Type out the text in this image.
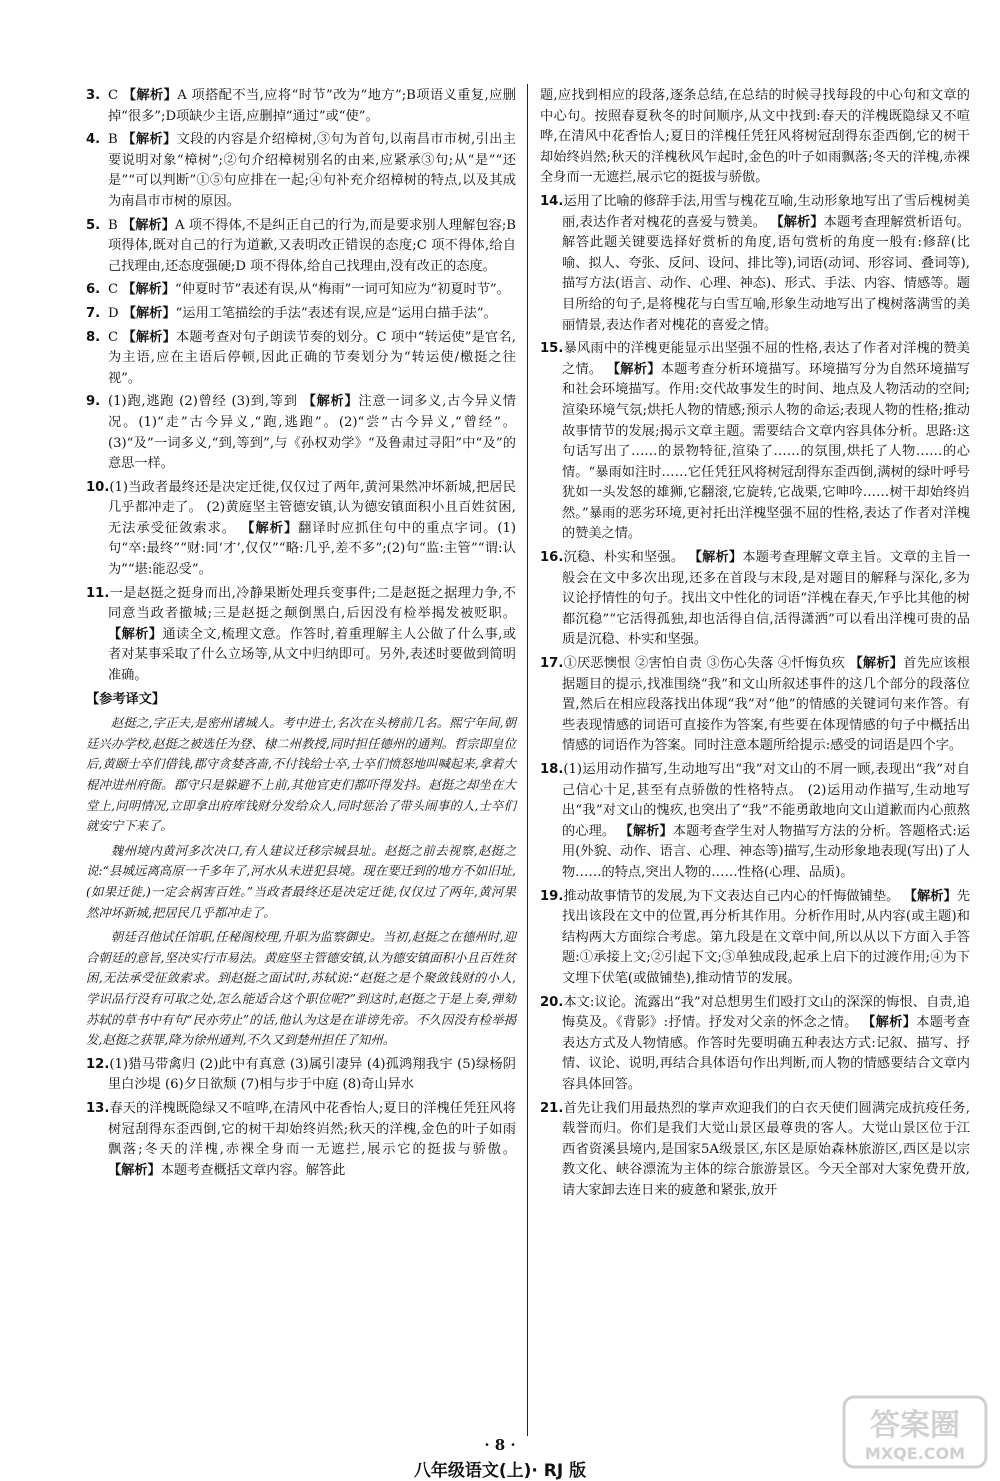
3. C 【解析】A 项搭配不当,应将“时节”改为“地方”;B项语义重复,应删掉“很多”;D项缺少主语,应删掉“通过”或“使”。
4. B 【解析】文段的内容是介绍樟树,③句为首句,以南昌市市树,引出主要说明对象“樟树”;②句介绍樟树别名的由来,应紧承③句;从“是”“还是”“可以判断”①⑤句应排在一起;④句补充介绍樟树的特点,以及其成为南昌市市树的原因。
5. B 【解析】A 项不得体,不是纠正自己的行为,而是要求别人理解包容;B 项得体,既对自己的行为道歉,又表明改正错误的态度;C 项不得体,给自己找理由,还态度强硬;D 项不得体,给自己找理由,没有改正的态度。
6. C 【解析】“仲夏时节”表述有误,从“梅雨”一词可知应为“初夏时节”。
7. D 【解析】“运用工笔描绘的手法”表述有误,应是“运用白描手法”。
8. C 【解析】本题考查对句子朗读节奏的划分。C 项中“转运使”是官名,为主语,应在主语后停顿,因此正确的节奏划分为“转运使/檄挺之往视”。
9. (1)跑,逃跑 (2)曾经 (3)到,等到 【解析】注意一词多义,古今异义情况。(1)“走”古今异义,“跑,逃跑”。(2)“尝”古今异义,“曾经”。(3)“及”一词多义,“到,等到”,与《孙权劝学》“及鲁肃过寻阳”中“及”的意思一样。
10.(1)当政者最终还是决定迁徙,仅仅过了两年,黄河果然冲坏新城,把居民几乎都冲走了。 (2)黄庭坚主管德安镇,认为德安镇面积小且百姓贫困,无法承受征敛索求。 【解析】翻译时应抓住句中的重点字词。(1)句“卒:最终”“财:同‘才’,仅仅”“略:几乎,差不多”;(2)句“监:主管”“谓:认为”“堪:能忍受”。
11.一是赵挺之挺身而出,冷静果断处理兵变事件;二是赵挺之据理力争,不同意当政者撤城;三是赵挺之颠倒黑白,后因没有检举揭发被贬职。 【解析】通读全文,梳理文意。作答时,着重理解主人公做了什么事,或者对某事采取了什么立场等,从文中归纳即可。另外,表述时要做到简明准确。
【参考译文】
赵挺之,字正夫,是密州诸城人。考中进士,名次在头榜前几名。熙宁年间,朝廷兴办学校,赵挺之被选任为登、棣二州教授,同时担任德州的通判。哲宗即皇位后,黄颐士卒们借钱,郡守贪婪吝啬,不付钱给士卒,士卒们愤怒地叫喊起来,拿着大棍冲进州府衙。郡守只是躲避不上前,其他官吏们都吓得发抖。赵挺之却坐在大堂上,问明情况,立即拿出府库钱财分发给众人,同时惩治了带头闹事的人,士卒们就安宁下来了。
魏州境内黄河多次决口,有人建议迁移宗城县址。赵挺之前去视察,赵挺之说:“县城远离高原一千多年了,河水从未进犯县境。现在要迁到的地方不如旧址,(如果迁徙,)一定会祸害百姓。”当政者最终还是决定迁徙,仅仅过了两年,黄河果然冲坏新城,把居民几乎都冲走了。
朝廷召他试任馆职,任秘阁校理,升职为监察御史。当初,赵挺之在德州时,迎合朝廷的意旨,坚决实行市易法。黄庭坚主管德安镇,认为德安镇面积小且百姓贫困,无法承受征敛索求。到赵挺之面试时,苏轼说:“赵挺之是个聚敛钱财的小人,学识品行没有可取之处,怎么能适合这个职位呢?”到这时,赵挺之于是上奏,弹劾苏轼的草书中有句“民亦劳止”的话,他认为这是在诽谤先帝。不久因没有检举揭发,赵挺之获罪,降为徐州通判,不久又到楚州担任了知州。
12.(1)猎马带禽归 (2)此中有真意 (3)属引凄异 (4)孤鸿翔我宇 (5)绿杨阴里白沙堤 (6)夕日欲颓 (7)相与步于中庭 (8)奇山异水
13.春天的洋槐既隐绿又不喧哗,在清风中花香怡人;夏日的洋槐任凭狂风将树冠刮得东歪西倒,它的树干却始终岿然;秋天的洋槐,金色的叶子如雨飘落;冬天的洋槐,赤裸全身而一无遮拦,展示它的挺拔与骄傲。 【解析】本题考查概括文章内容。解答此
题,应找到相应的段落,逐条总结,在总结的时候寻找每段的中心句和文章的中心句。按照春夏秋冬的时间顺序,从文中找到:春天的洋槐既隐绿又不喧哗,在清风中花香怡人;夏日的洋槐任凭狂风将树冠刮得东歪西倒,它的树干却始终岿然;秋天的洋槐秋风乍起时,金色的叶子如雨飘落;冬天的洋槐,赤裸全身而一无遮拦,展示它的挺拔与骄傲。
14.运用了比喻的修辞手法,用雪与槐花互喻,生动形象地写出了雪后槐树美丽,表达作者对槐花的喜爱与赞美。 【解析】本题考查理解赏析语句。解答此题关键要选择好赏析的角度,语句赏析的角度一般有:修辞(比喻、拟人、夸张、反问、设问、排比等),词语(动词、形容词、叠词等),描写方法(语言、动作、心理、神态)、形式、手法、内容、情感等。题目所给的句子,是将槐花与白雪互喻,形象生动地写出了槐树落满雪的美丽情景,表达作者对槐花的喜爱之情。
15.暴风雨中的洋槐更能显示出坚强不屈的性格,表达了作者对洋槐的赞美之情。 【解析】本题考查分析环境描写。环境描写分为自然环境描写和社会环境描写。作用:交代故事发生的时间、地点及人物活动的空间;渲染环境气氛;烘托人物的情感;预示人物的命运;表现人物的性格;推动故事情节的发展;揭示文章主题。需要结合文章内容具体分析。思路:这句话写出了……的景物特征,渲染了……的氛围,烘托了人物……的心情。“暴雨如注时……它任凭狂风将树冠刮得东歪西倒,满树的绿叶呼号犹如一头发怒的雄狮,它翻滚,它旋转,它战栗,它呻吟……树干却始终岿然。”暴雨的恶劣环境,更衬托出洋槐坚强不屈的性格,表达了作者对洋槐的赞美之情。
16.沉稳、朴实和坚强。 【解析】本题考查理解文章主旨。文章的主旨一般会在文中多次出现,还多在首段与末段,是对题目的解释与深化,多为议论抒情性的句子。找出文中性化的词语“洋槐在春天,乍乎比其他的树都沉稳”“它活得孤独,却也活得自信,活得潇洒”可以看出洋槐可贵的品质是沉稳、朴实和坚强。
17.①厌恶懊恨 ②害怕自责 ③伤心失落 ④忏悔负疚 【解析】首先应该根据题目的提示,找准围绕“我”和文山所叙述事件的这几个部分的段落位置,然后在相应段落找出体现“我”对“他”的情感的关键词句来作答。有些表现情感的词语可直接作为答案,有些要在体现情感的句子中概括出情感的词语作为答案。同时注意本题所给提示:感受的词语是四个字。
18.(1)运用动作描写,生动地写出“我”对文山的不屑一顾,表现出“我”对自己信心十足,甚至有点骄傲的性格特点。 (2)运用动作描写,生动地写出“我”对文山的愧疚,也突出了“我”不能勇敢地向文山道歉而内心煎熬的心理。 【解析】本题考查学生对人物描写方法的分析。答题格式:运用(外貌、动作、语言、心理、神态等)描写,生动形象地表现(写出)了人物……的特点,突出人物的……性格(心理、品质)。
19.推动故事情节的发展,为下文表达自己内心的忏悔做铺垫。 【解析】先找出该段在文中的位置,再分析其作用。分析作用时,从内容(或主题)和结构两大方面综合考虑。第九段是在文章中间,所以从以下方面入手答题:①承接上文;②引起下文;③单独成段,起承上启下的过渡作用;④为下文埋下伏笔(或做铺垫),推动情节的发展。
20.本文:议论。流露出“我”对总想男生们殴打文山的深深的悔恨、自责,追悔莫及。《背影》:抒情。抒发对父亲的怀念之情。 【解析】本题考查表达方式及人物情感。作答时先要明确五种表达方式:记叙、描写、抒情、议论、说明,再结合具体语句作出判断,而人物的情感要结合文章内容具体回答。
21.首先让我们用最热烈的掌声欢迎我们的白衣天使们圆满完成抗疫任务,载誉而归。你们是我们大觉山景区最尊贵的客人。大觉山景区位于江西省资溪县境内,是国家5A级景区,东区是原始森林旅游区,西区是以宗教文化、峡谷漂流为主体的综合旅游景区。今天全部对大家免费开放,请大家卸去连日来的疲惫和紧张,放开
· 8 ·
八年级语文(上)· RJ 版
答案圈
MXQE.COM
